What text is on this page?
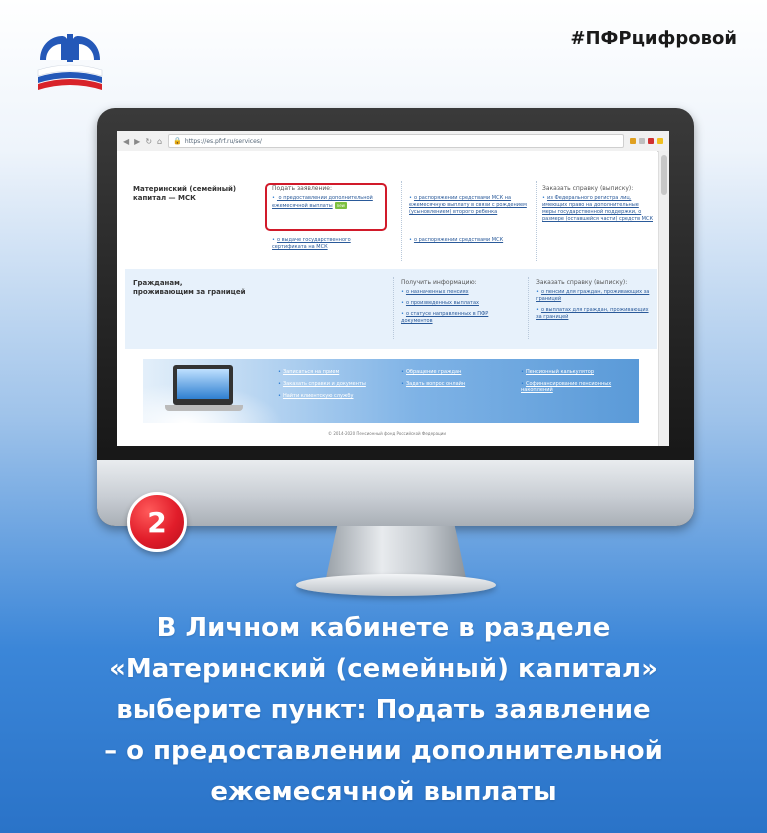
#ПФРцифровой
◀ ▶ ↻ ⌂ 🔒 https://es.pfrf.ru/services/
Материнский (семейный)
капитал — МСК
Подать заявление:
• о предоставлении дополнительной ежемесячной выплаты new
• о выдаче государственного сертификата на МСК
• о распоряжении средствами МСК на ежемесячную выплату в связи с рождением (усыновлением) второго ребенка
• о распоряжении средствами МСК
Заказать справку (выписку):
• из Федерального регистра лиц, имеющих право на дополнительные меры государственной поддержки, о размере (оставшейся части) средств МСК
Гражданам,
проживающим за границей
Получить информацию:
• о назначенных пенсиях
• о произведенных выплатах
• о статусе направленных в ПФР документов
Заказать справку (выписку):
• о пенсии для граждан, проживающих за границей
• о выплатах для граждан, проживающих за границей
• Записаться на прием
• Заказать справки и документы
• Найти клиентскую службу
• Обращение граждан
• Задать вопрос онлайн
• Пенсионный калькулятор
• Софинансирование пенсионных накоплений
© 2014-2020 Пенсионный фонд Российской Федерации
2
В Личном кабинете в разделе
«Материнский (семейный) капитал»
выберите пункт: Подать заявление
– о предоставлении дополнительной
ежемесячной выплаты
